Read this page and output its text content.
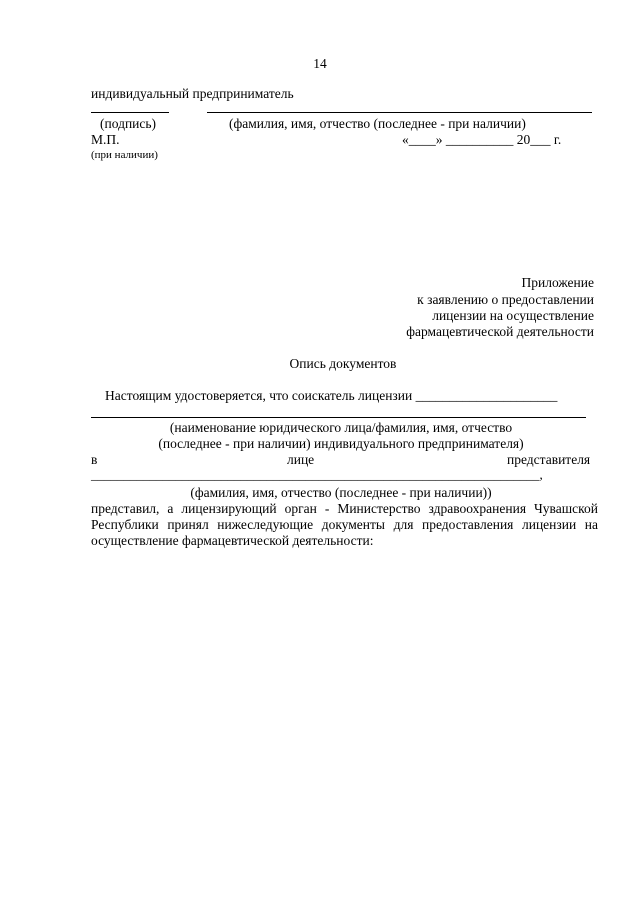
14
индивидуальный предприниматель
(подпись)	(фамилия, имя, отчество (последнее - при наличии)
М.П.	«____» __________ 20___ г.
(при наличии)
Приложение
к заявлению о предоставлении
лицензии на осуществление
фармацевтической деятельности
Опись документов
Настоящим удостоверяется, что соискатель лицензии _____________________
(наименование юридического лица/фамилия, имя, отчество
(последнее - при наличии) индивидуального предпринимателя)
в	лице	представителя
_____________________________________________________________________,
(фамилия, имя, отчество (последнее - при наличии))
представил, а лицензирующий орган - Министерство здравоохранения Чувашской
Республики принял нижеследующие документы для предоставления лицензии на
осуществление фармацевтической деятельности:
